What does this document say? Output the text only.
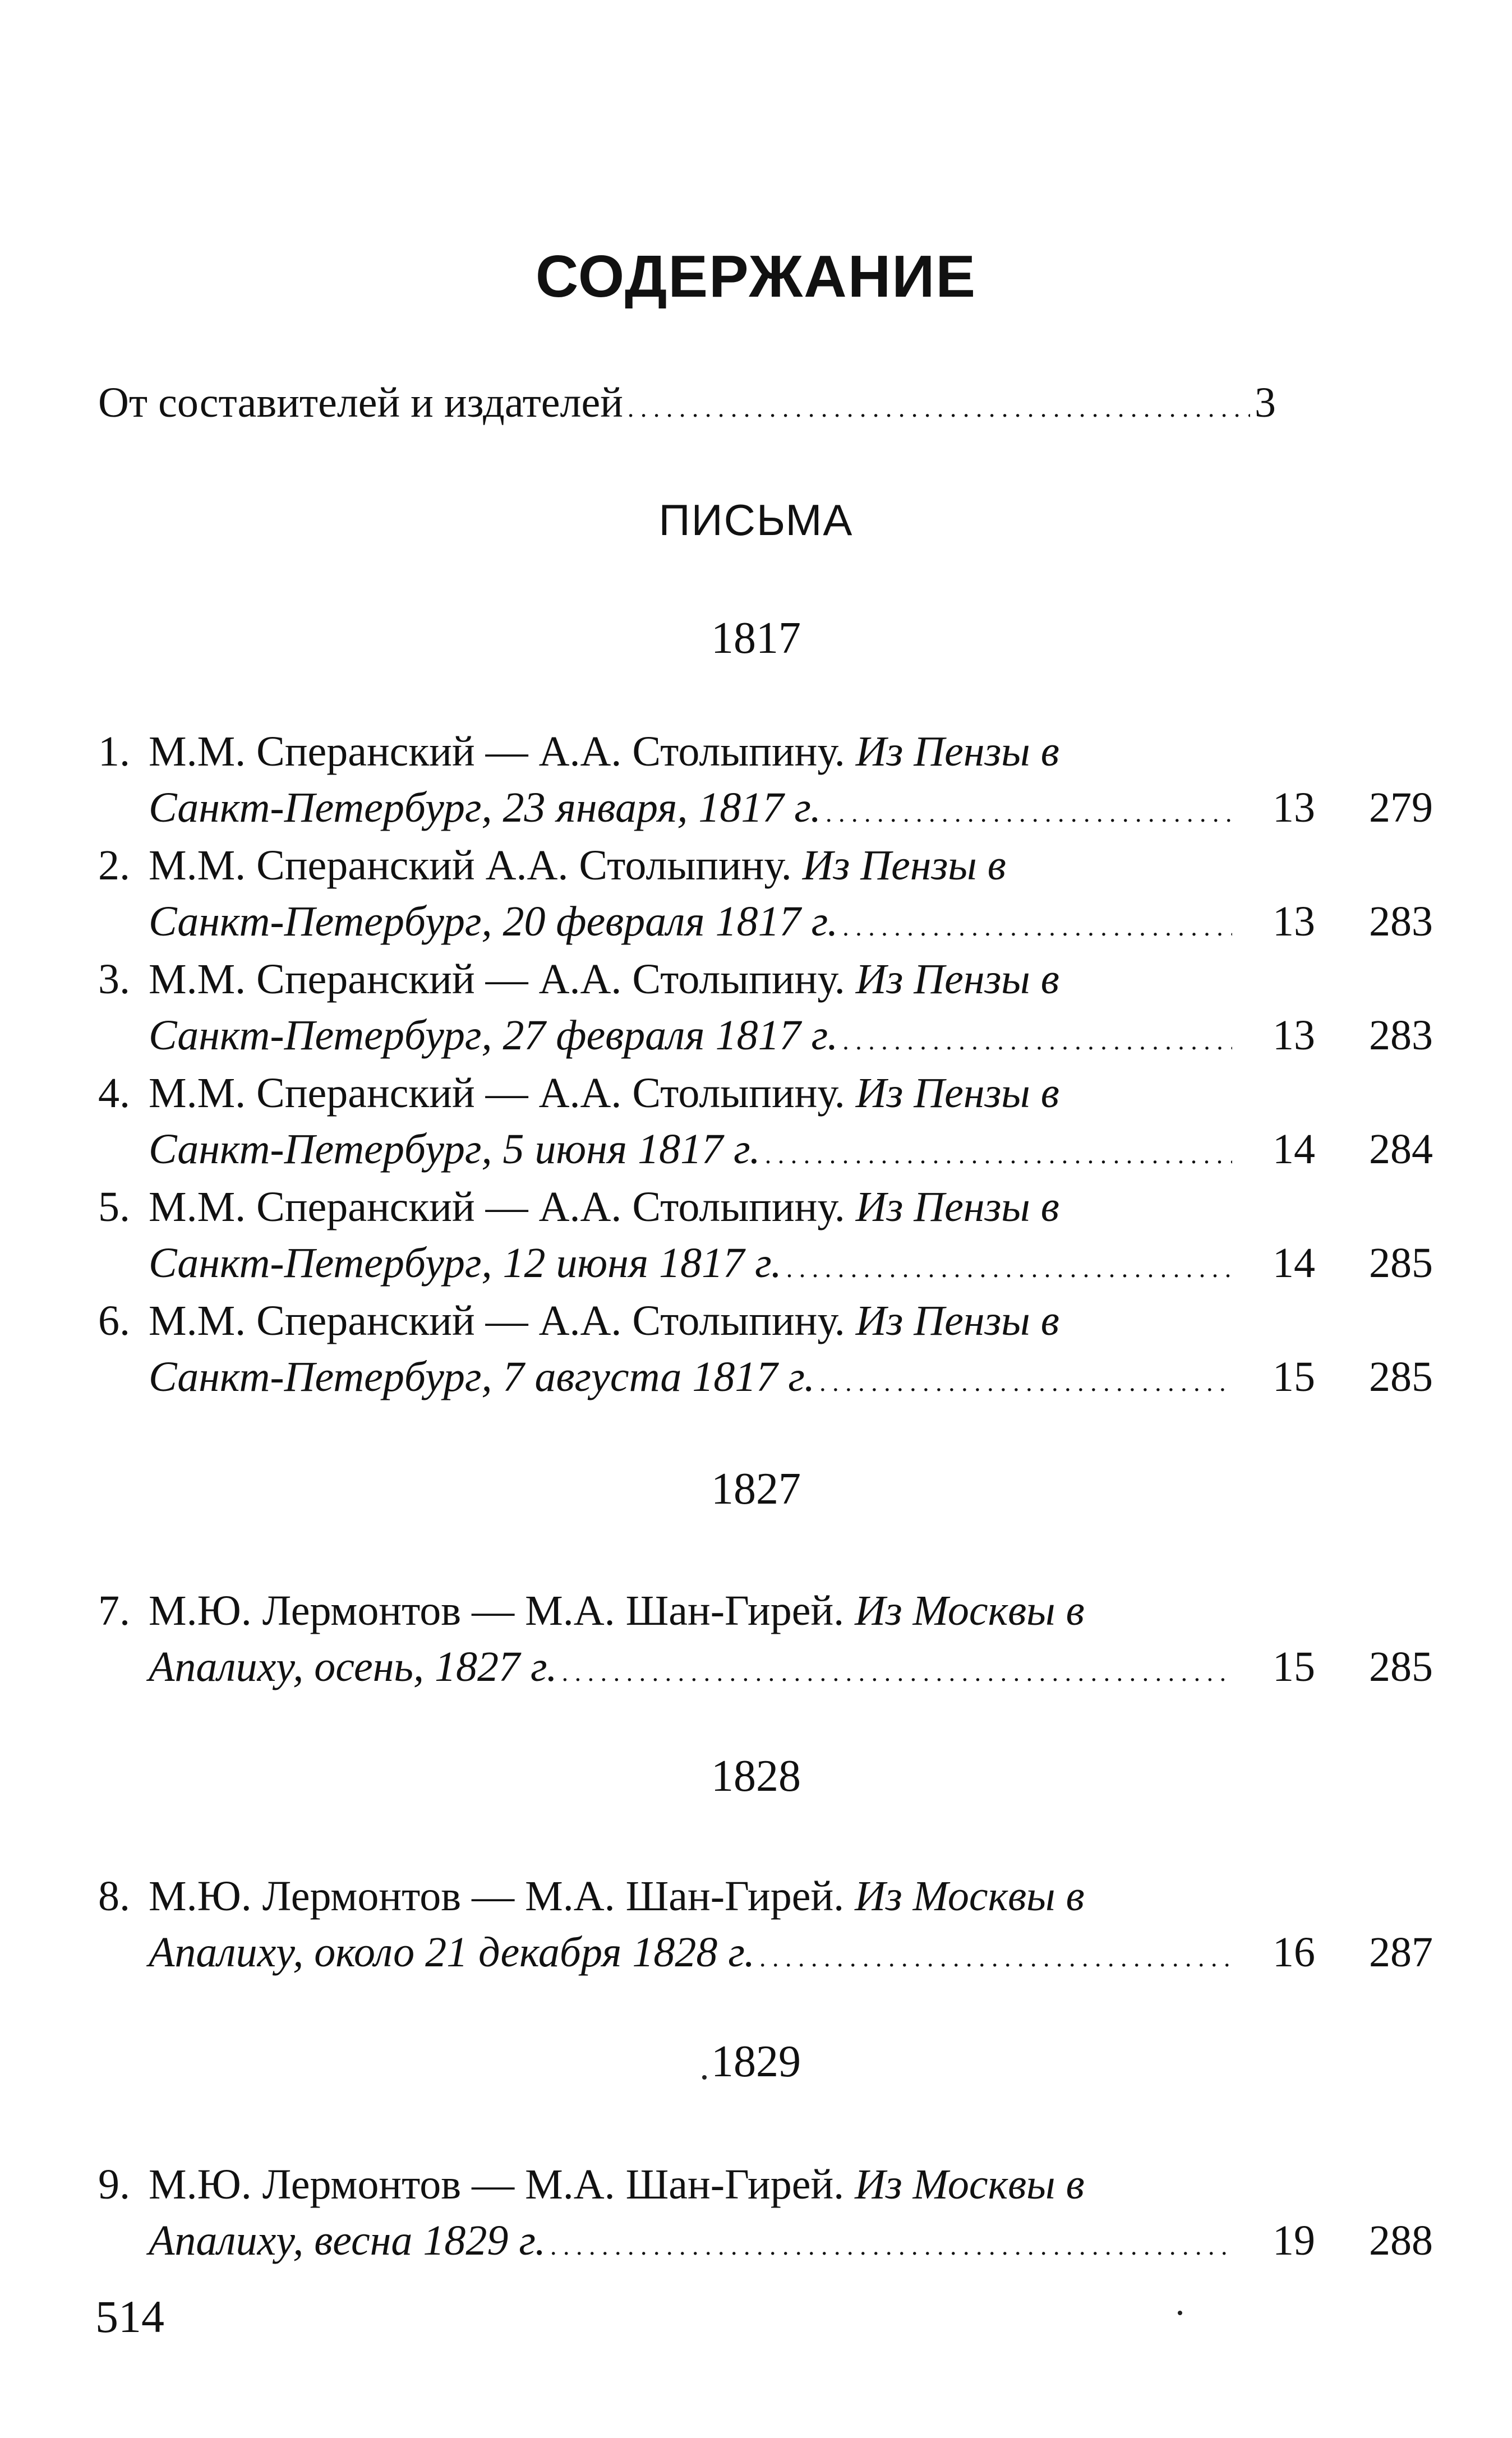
СОДЕРЖАНИЕ
От составителей и издателей . . .	3
ПИСЬМА
1817
1. М.М. Сперанский — А.А. Столыпину.
Из Пензы в
Санкт-Петербург, 23 января, 1817 г. . . .	13	279
2. М.М. Сперанский А.А. Столыпину.
Из Пензы в
Санкт-Петербург, 20 февраля 1817 г. . . .	13	283
3. М.М. Сперанский — А.А. Столыпину.
Из Пензы в
Санкт-Петербург, 27 февраля 1817 г. . . .	13	283
4. М.М. Сперанский — А.А. Столыпину.
Из Пензы в
Санкт-Петербург, 5 июня 1817 г. . . .	14	284
5. М.М. Сперанский — А.А. Столыпину.
Из Пензы в
Санкт-Петербург, 12 июня 1817 г. . . .	14	285
6. М.М. Сперанский — А.А. Столыпину.
Из Пензы в
Санкт-Петербург, 7 августа 1817 г. . . .	15	285
1827
7. М.Ю. Лермонтов — М.А. Шан-Гирей.
Из Москвы в
Апалиху, осень, 1827 г. . . .	15	285
1828
8. М.Ю. Лермонтов — М.А. Шан-Гирей.
Из Москвы в
Апалиху, около 21 декабря 1828 г. . . .	16	287
1829
9. М.Ю. Лермонтов — М.А. Шан-Гирей.
Из Москвы в
Апалиху, весна 1829 г. . . .	19	288
514
